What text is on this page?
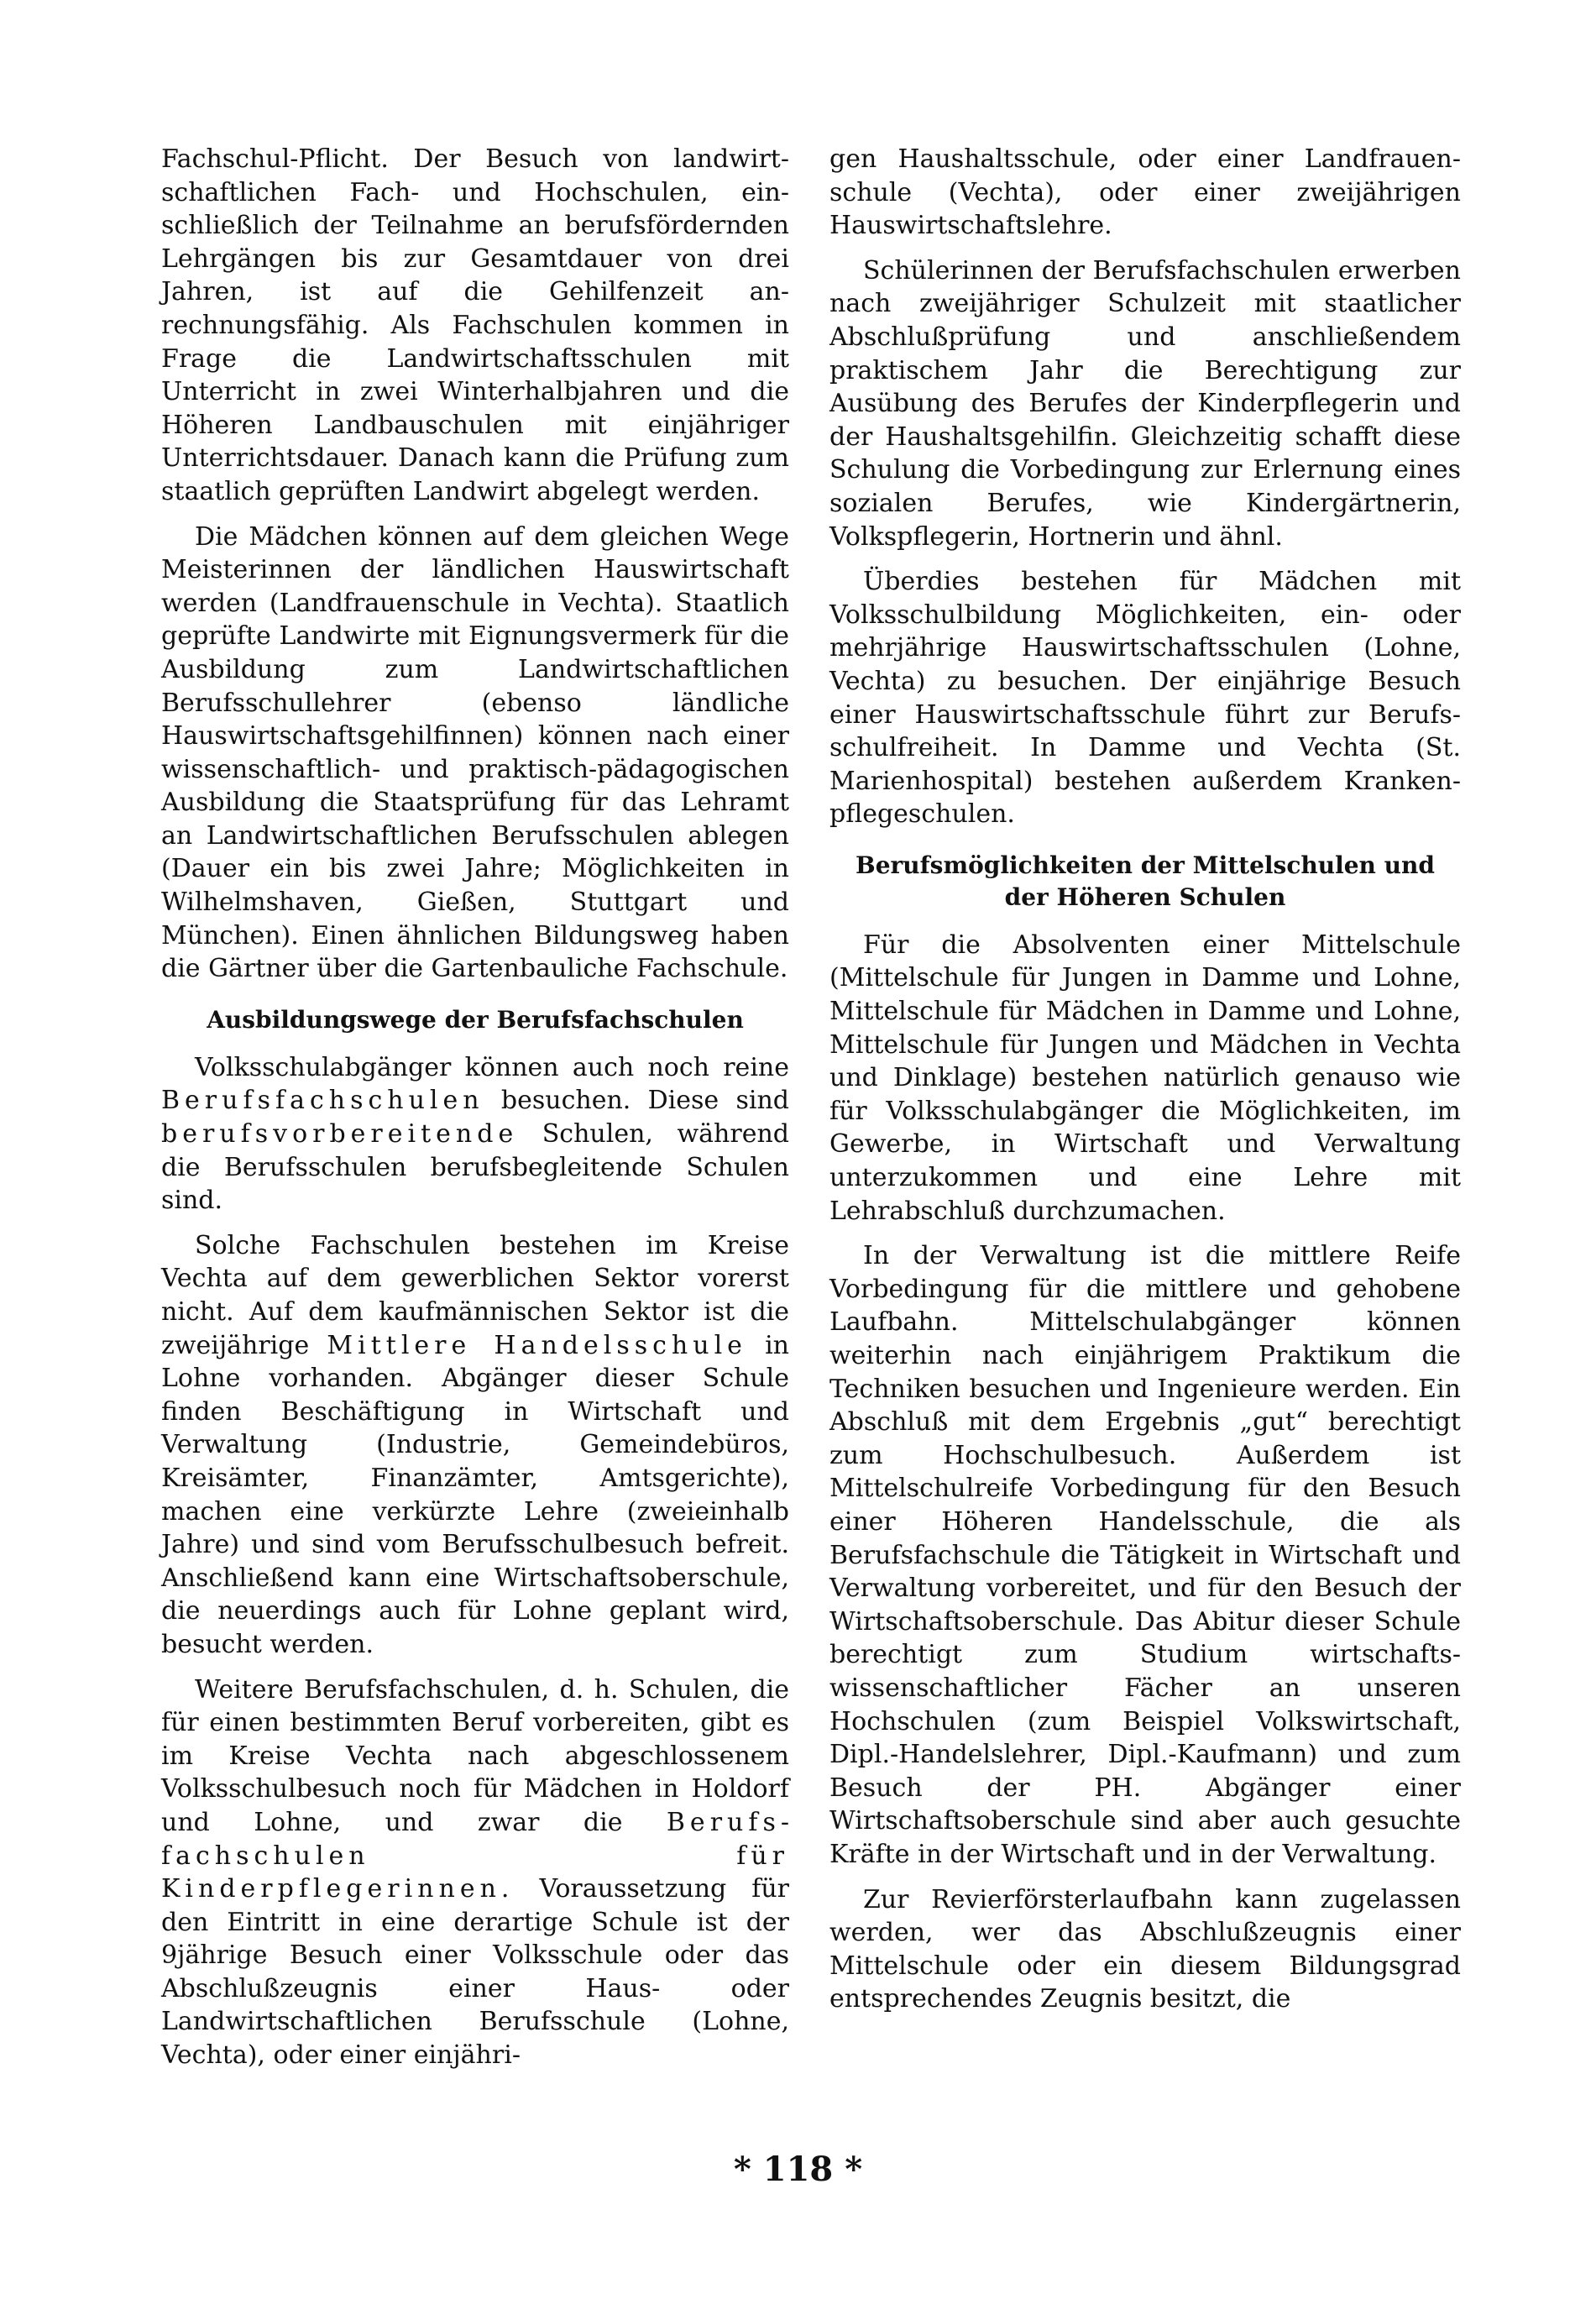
Fachschul-Pflicht. Der Besuch von landwirtschaftlichen Fach- und Hochschulen, einschließlich der Teilnahme an berufsfördernden Lehrgängen bis zur Gesamtdauer von drei Jahren, ist auf die Gehilfenzeit anrechnungsfähig. Als Fachschulen kommen in Frage die Landwirtschaftsschulen mit Unterricht in zwei Winterhalbjahren und die Höheren Landbauschulen mit einjähriger Unterrichtsdauer. Danach kann die Prüfung zum staatlich geprüften Landwirt abgelegt werden.

Die Mädchen können auf dem gleichen Wege Meisterinnen der ländlichen Hauswirtschaft werden (Landfrauenschule in Vechta). Staatlich geprüfte Landwirte mit Eignungsvermerk für die Ausbildung zum Landwirtschaftlichen Berufsschullehrer (ebenso ländliche Hauswirtschaftsgehilfinnen) können nach einer wissenschaftlich- und praktisch-pädagogischen Ausbildung die Staatsprüfung für das Lehramt an Landwirtschaftlichen Berufsschulen ablegen (Dauer ein bis zwei Jahre; Möglichkeiten in Wilhelmshaven, Gießen, Stuttgart und München). Einen ähnlichen Bildungsweg haben die Gärtner über die Gartenbauliche Fachschule.

Ausbildungswege der Berufsfachschulen

Volksschulabgänger können auch noch reine Berufsfachschulen besuchen. Diese sind berufsvorbereitende Schulen, während die Berufsschulen berufsbegleitende Schulen sind.

Solche Fachschulen bestehen im Kreise Vechta auf dem gewerblichen Sektor vorerst nicht. Auf dem kaufmännischen Sektor ist die zweijährige Mittlere Handelsschule in Lohne vorhanden. Abgänger dieser Schule finden Beschäftigung in Wirtschaft und Verwaltung (Industrie, Gemeindebüros, Kreisämter, Finanzämter, Amtsgerichte), machen eine verkürzte Lehre (zweieinhalb Jahre) und sind vom Berufsschulbesuch befreit. Anschließend kann eine Wirtschaftsoberschule, die neuerdings auch für Lohne geplant wird, besucht werden.

Weitere Berufsfachschulen, d. h. Schulen, die für einen bestimmten Beruf vorbereiten, gibt es im Kreise Vechta nach abgeschlossenem Volksschulbesuch noch für Mädchen in Holdorf und Lohne, und zwar die Berufsfachschulen für Kinderpflegerinnen. Voraussetzung für den Eintritt in eine derartige Schule ist der 9jährige Besuch einer Volksschule oder das Abschlußzeugnis einer Haus- oder Landwirtschaftlichen Berufsschule (Lohne, Vechta), oder einer einjähri-

gen Haushaltsschule, oder einer Landfrauenschule (Vechta), oder einer zweijährigen Hauswirtschaftslehre.

Schülerinnen der Berufsfachschulen erwerben nach zweijähriger Schulzeit mit staatlicher Abschlußprüfung und anschließendem praktischem Jahr die Berechtigung zur Ausübung des Berufes der Kinderpflegerin und der Haushaltsgehilfin. Gleichzeitig schafft diese Schulung die Vorbedingung zur Erlernung eines sozialen Berufes, wie Kindergärtnerin, Volkspflegerin, Hortnerin und ähnl.

Überdies bestehen für Mädchen mit Volksschulbildung Möglichkeiten, ein- oder mehrjährige Hauswirtschaftsschulen (Lohne, Vechta) zu besuchen. Der einjährige Besuch einer Hauswirtschaftsschule führt zur Berufsschulfreiheit. In Damme und Vechta (St. Marienhospital) bestehen außerdem Krankenpflegeschulen.

Berufsmöglichkeiten der Mittelschulen und
der Höheren Schulen

Für die Absolventen einer Mittelschule (Mittelschule für Jungen in Damme und Lohne, Mittelschule für Mädchen in Damme und Lohne, Mittelschule für Jungen und Mädchen in Vechta und Dinklage) bestehen natürlich genauso wie für Volksschulabgänger die Möglichkeiten, im Gewerbe, in Wirtschaft und Verwaltung unterzukommen und eine Lehre mit Lehrabschluß durchzumachen.

In der Verwaltung ist die mittlere Reife Vorbedingung für die mittlere und gehobene Laufbahn. Mittelschulabgänger können weiterhin nach einjährigem Praktikum die Techniken besuchen und Ingenieure werden. Ein Abschluß mit dem Ergebnis „gut“ berechtigt zum Hochschulbesuch. Außerdem ist Mittelschulreife Vorbedingung für den Besuch einer Höheren Handelsschule, die als Berufsfachschule die Tätigkeit in Wirtschaft und Verwaltung vorbereitet, und für den Besuch der Wirtschaftsoberschule. Das Abitur dieser Schule berechtigt zum Studium wirtschafts-wissenschaftlicher Fächer an unseren Hochschulen (zum Beispiel Volkswirtschaft, Dipl.-Handelslehrer, Dipl.-Kaufmann) und zum Besuch der PH. Abgänger einer Wirtschaftsoberschule sind aber auch gesuchte Kräfte in der Wirtschaft und in der Verwaltung.

Zur Revierförsterlaufbahn kann zugelassen werden, wer das Abschlußzeugnis einer Mittelschule oder ein diesem Bildungsgrad entsprechendes Zeugnis besitzt, die

* 118 *
